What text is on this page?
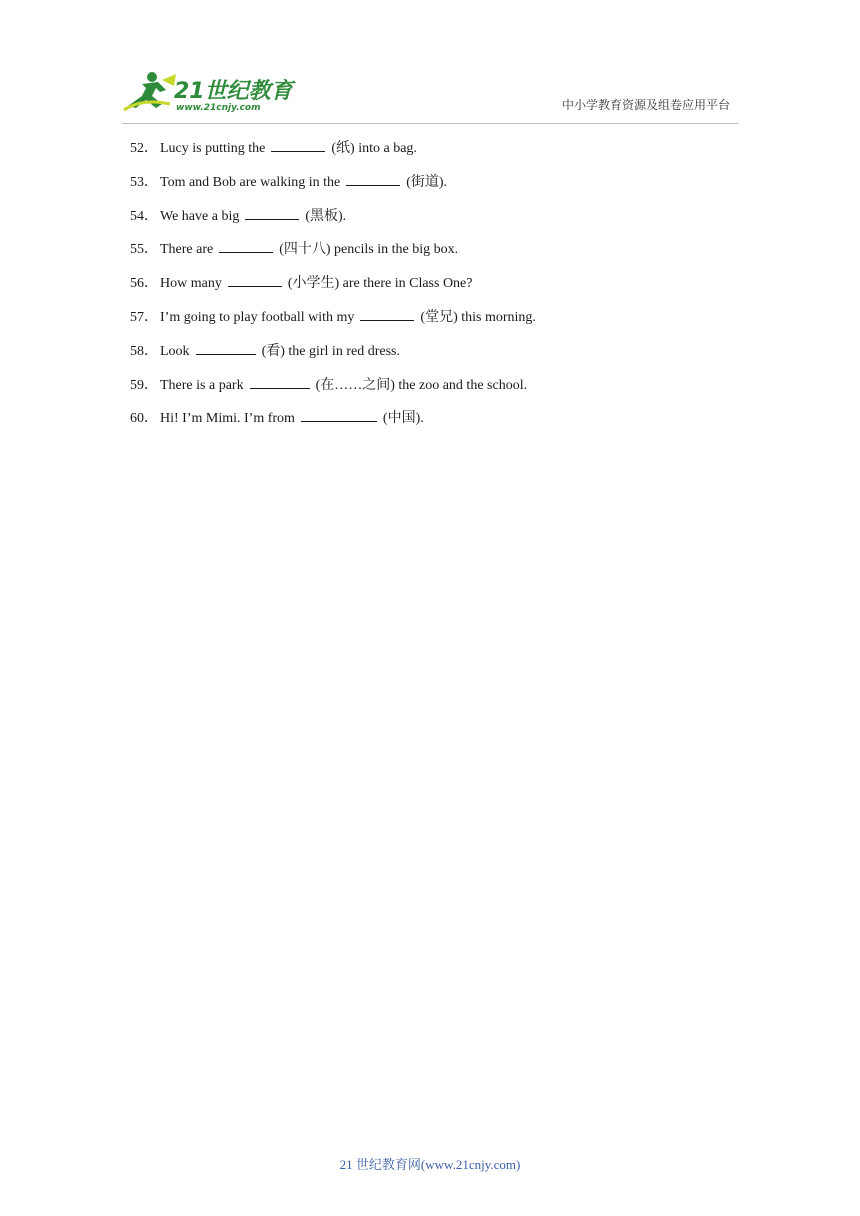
21世纪教育
www.21cnjy.com	中小学教育资源及组卷应用平台
52． Lucy is putting the	(纸) into a bag.
53． Tom and Bob are walking in the	(街道).
54． We have a big	(黑板).
55． There are	(四十八) pencils in the big box.
56． How many	(小学生) are there in Class One?
57． I’m going to play football with my	(堂兄) this morning.
58． Look	(看) the girl in red dress.
59． There is a park	(在……之间) the zoo and the school.
60． Hi! I’m Mimi. I’m from	(中国).
21 世纪教育网(www.21cnjy.com)
